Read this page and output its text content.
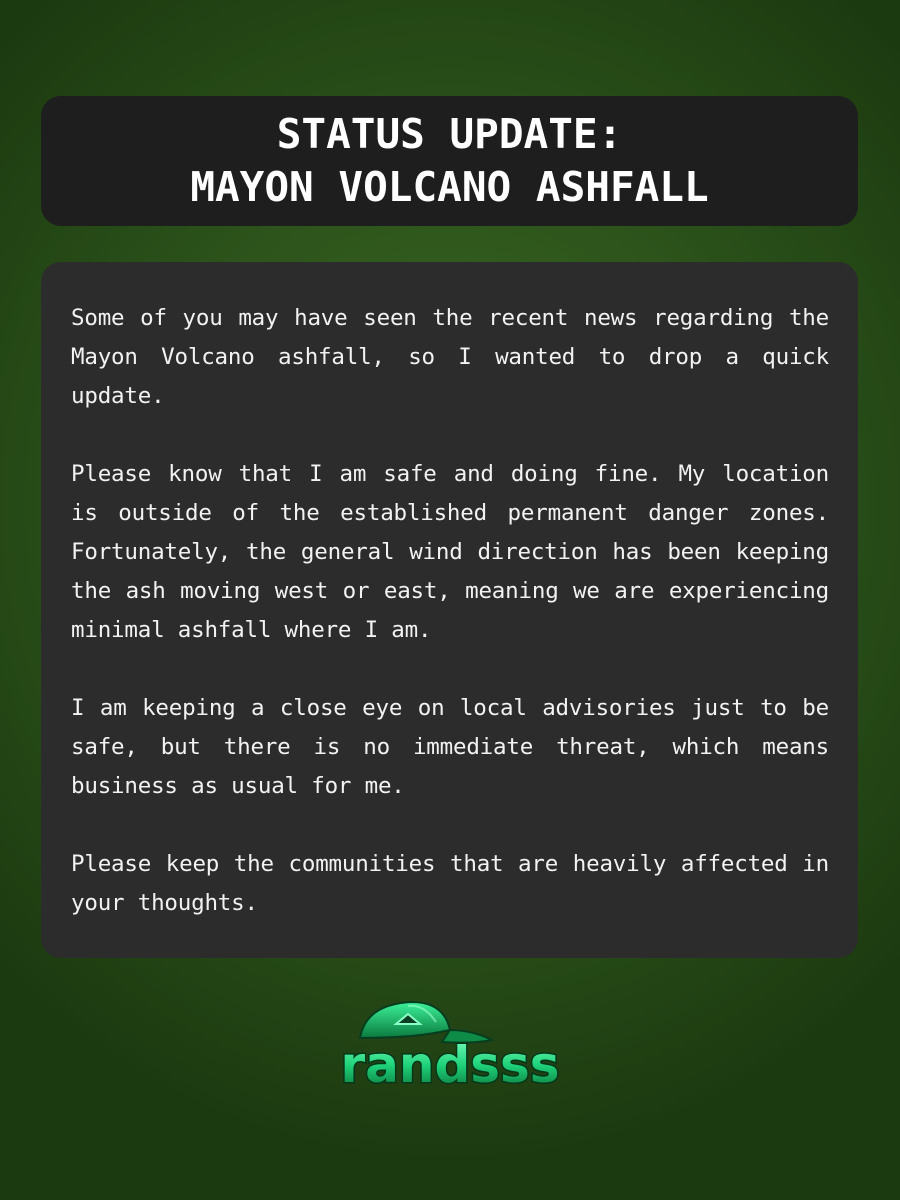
STATUS UPDATE:
MAYON VOLCANO ASHFALL

Some of you may have seen the recent news regarding the Mayon Volcano ashfall, so I wanted to drop a quick update.

Please know that I am safe and doing fine. My location is outside of the established permanent danger zones. Fortunately, the general wind direction has been keeping the ash moving west or east, meaning we are experiencing minimal ashfall where I am.

I am keeping a close eye on local advisories just to be safe, but there is no immediate threat, which means business as usual for me.

Please keep the communities that are heavily affected in your thoughts.

randsss
